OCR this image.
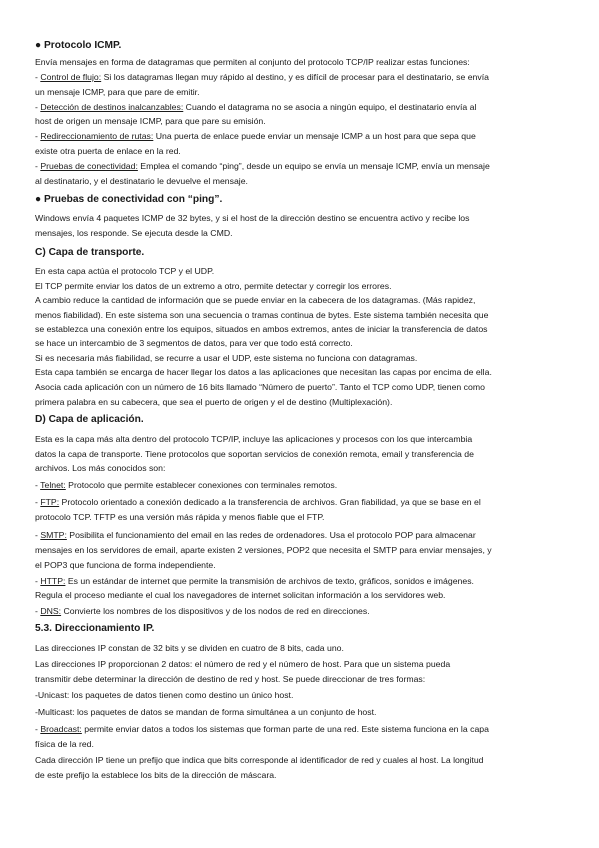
● Protocolo ICMP.
Envía mensajes en forma de datagramas que permiten al conjunto del protocolo TCP/IP realizar estas funciones:
- Control de flujo: Si los datagramas llegan muy rápido al destino, y es difícil de procesar para el destinatario, se envía
un mensaje ICMP, para que pare de emitir.
- Detección de destinos inalcanzables: Cuando el datagrama no se asocia a ningún equipo, el destinatario envía al
host de origen un mensaje ICMP, para que pare su emisión.
- Redireccionamiento de rutas: Una puerta de enlace puede enviar un mensaje ICMP a un host para que sepa que
existe otra puerta de enlace en la red.
- Pruebas de conectividad: Emplea el comando “ping”, desde un equipo se envía un mensaje ICMP, envía un mensaje
al destinatario, y el destinatario le devuelve el mensaje.
● Pruebas de conectividad con “ping”.
Windows envía 4 paquetes ICMP de 32 bytes, y si el host de la dirección destino se encuentra activo y recibe los
mensajes, los responde. Se ejecuta desde la CMD.
C) Capa de transporte.
En esta capa actúa el protocolo TCP y el UDP.
El TCP permite enviar los datos de un extremo a otro, permite detectar y corregir los errores.
A cambio reduce la cantidad de información que se puede enviar en la cabecera de los datagramas. (Más rapidez,
menos fiabilidad). En este sistema son una secuencia o tramas continua de bytes. Este sistema también necesita que
se establezca una conexión entre los equipos, situados en ambos extremos, antes de iniciar la transferencia de datos
se hace un intercambio de 3 segmentos de datos, para ver que todo está correcto.
Si es necesaria más fiabilidad, se recurre a usar el UDP, este sistema no funciona con datagramas.
Esta capa también se encarga de hacer llegar los datos a las aplicaciones que necesitan las capas por encima de ella.
Asocia cada aplicación con un número de 16 bits llamado “Número de puerto”. Tanto el TCP como UDP, tienen como
primera palabra en su cabecera, que sea el puerto de origen y el de destino (Multiplexación).
D) Capa de aplicación.
Esta es la capa más alta dentro del protocolo TCP/IP, incluye las aplicaciones y procesos con los que intercambia
datos la capa de transporte. Tiene protocolos que soportan servicios de conexión remota, email y transferencia de
archivos. Los más conocidos son:
- Telnet: Protocolo que permite establecer conexiones con terminales remotos.
- FTP: Protocolo orientado a conexión dedicado a la transferencia de archivos. Gran fiabilidad, ya que se base en el
protocolo TCP. TFTP es una versión más rápida y menos fiable que el FTP.
- SMTP: Posibilita el funcionamiento del email en las redes de ordenadores. Usa el protocolo POP para almacenar
mensajes en los servidores de email, aparte existen 2 versiones, POP2 que necesita el SMTP para enviar mensajes, y
el POP3 que funciona de forma independiente.
- HTTP: Es un estándar de internet que permite la transmisión de archivos de texto, gráficos, sonidos e imágenes.
Regula el proceso mediante el cual los navegadores de internet solicitan información a los servidores web.
- DNS: Convierte los nombres de los dispositivos y de los nodos de red en direcciones.
5.3. Direccionamiento IP.
Las direcciones IP constan de 32 bits y se dividen en cuatro de 8 bits, cada uno.
Las direcciones IP proporcionan 2 datos: el número de red y el número de host. Para que un sistema pueda
transmitir debe determinar la dirección de destino de red y host. Se puede direccionar de tres formas:
-Unicast: los paquetes de datos tienen como destino un único host.
-Multicast: los paquetes de datos se mandan de forma simultánea a un conjunto de host.
- Broadcast: permite enviar datos a todos los sistemas que forman parte de una red. Este sistema funciona en la capa
física de la red.
Cada dirección IP tiene un prefijo que indica que bits corresponde al identificador de red y cuales al host. La longitud
de este prefijo la establece los bits de la dirección de máscara.
